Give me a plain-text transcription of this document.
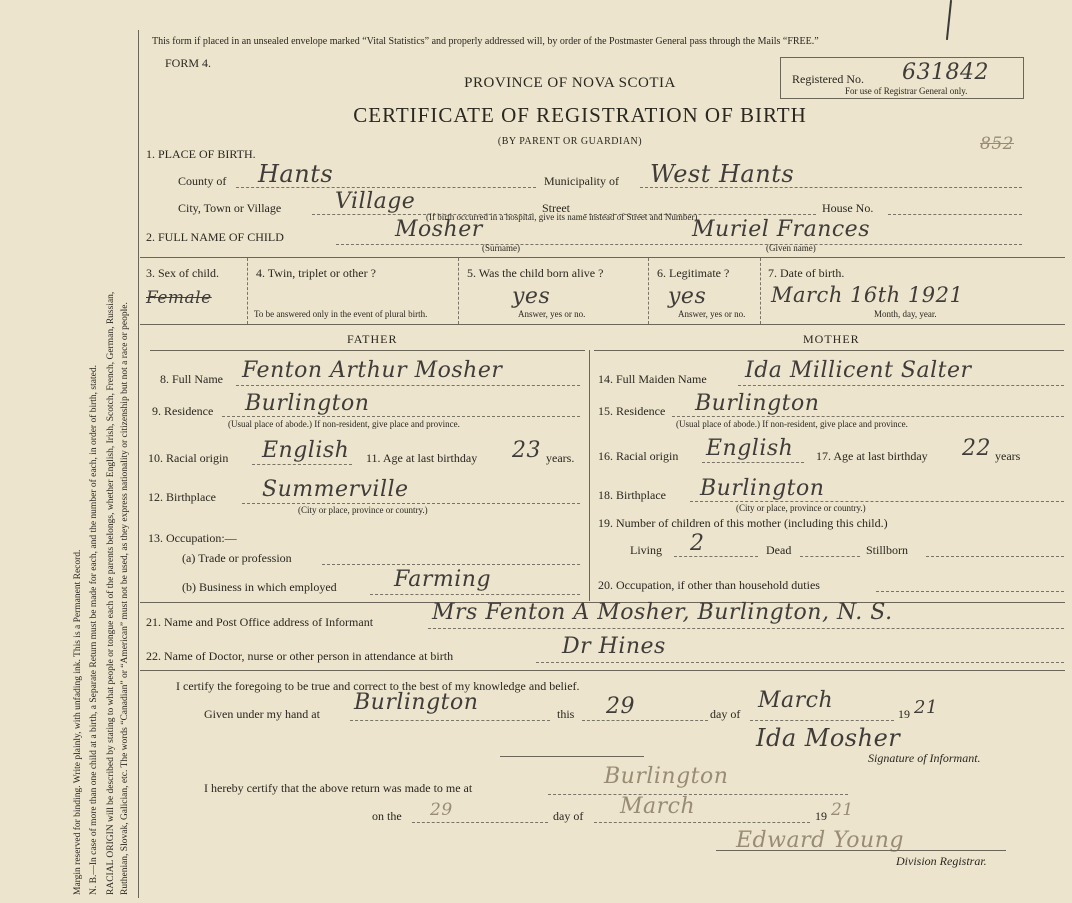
Margin reserved for binding. Write plainly, with unfading ink. This is a Permanent Record. N. B.—In case of more than one child at a birth, a Separate Return must be made for each, and the number of each, in order of birth, stated. RACIAL ORIGIN will be described by stating to what people or tongue each of the parents belongs, whether English, Irish, Scotch, French, German, Russian, Ruthenian, Slovak, Galician, etc. The words “Canadian” or “American” must not be used, as they express nationality or citizenship but not a race or people.
This form if placed in an unsealed envelope marked “Vital Statistics” and properly addressed will, by order of the Postmaster General pass through the Mails “FREE.”
FORM 4.
Registered No. 631842
For use of Registrar General only.
PROVINCE OF NOVA SCOTIA
CERTIFICATE OF REGISTRATION OF BIRTH
(BY PARENT OR GUARDIAN)	852
1. PLACE OF BIRTH.
County of Hants	Municipality of West Hants
City, Town or Village Village	Street	House No.
(If birth occurred in a hospital, give its name instead of Street and Number)
2. FULL NAME OF CHILD	Mosher
(Surname)
Muriel Frances
(Given name)
3. Sex of child.
Female
4. Twin, triplet or other ?
To be answered only in the event of plural birth.
5. Was the child born alive ?
yes
Answer, yes or no.
6. Legitimate ?
yes
Answer, yes or no.
7. Date of birth.
March 16th 1921
Month, day, year.
FATHER	MOTHER
8. Full Name Fenton Arthur Mosher
9. Residence Burlington
(Usual place of abode.) If non-resident, give place and province.
10. Racial origin English 11. Age at last birthday 23 years.
12. Birthplace Summerville
(City or place, province or country.)
13. Occupation:—
(a) Trade or profession
(b) Business in which employed	Farming
14. Full Maiden Name Ida Millicent Salter
15. Residence Burlington
(Usual place of abode.) If non-resident, give place and province.
16. Racial origin English 17. Age at last birthday 22 years
18. Birthplace Burlington
(City or place, province or country.)
19. Number of children of this mother (including this child.)
Living 2	Dead	Stillborn
20. Occupation, if other than household duties
21. Name and Post Office address of Informant	Mrs Fenton A Mosher, Burlington, N. S.
22. Name of Doctor, nurse or other person in attendance at birth	Dr Hines
I certify the foregoing to be true and correct to the best of my knowledge and belief.
Given under my hand at Burlington	this 29	day of
March
19 21
Ida Mosher
Signature of Informant.
I hereby certify that the above return was made to me at	Burlington
on the 29	day of March	19 21
Edward Young
Division Registrar.
